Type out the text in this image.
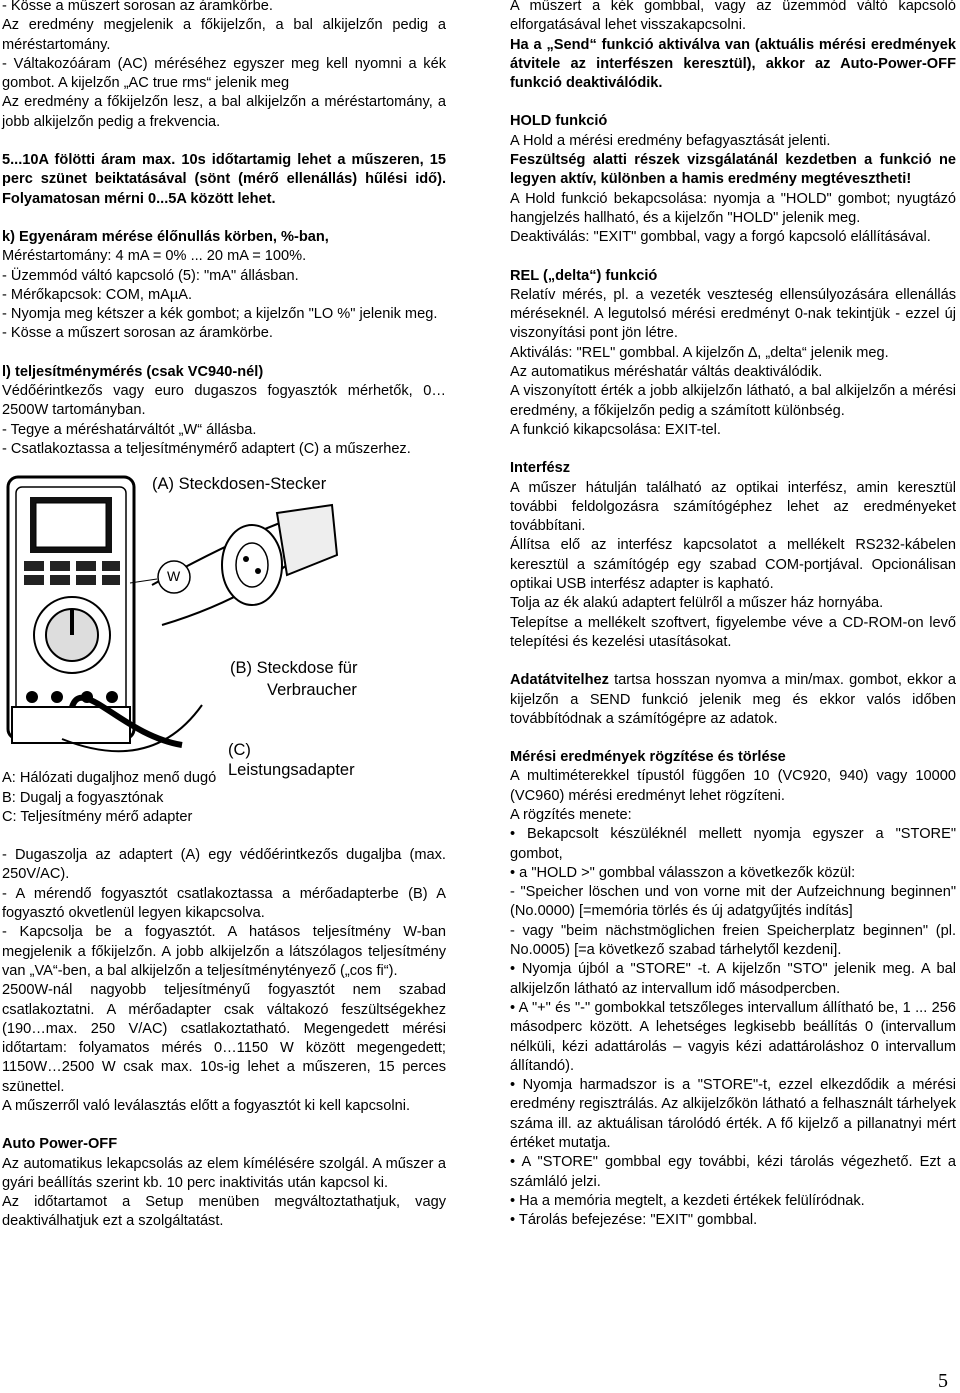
- Kösse a műszert sorosan az áramkörbe.

Az eredmény megjelenik a főkijelzőn, a bal alkijelzőn pedig a méréstartomány.

- Váltakozóáram (AC) méréséhez egyszer meg kell nyomni a kék gombot. A kijelzőn „AC true rms“ jelenik meg

Az eredmény a főkijelzőn lesz, a bal alkijelzőn a méréstartomány, a jobb alkijelzőn pedig a frekvencia.

5...10A fölötti áram max. 10s időtartamig lehet a műszeren, 15 perc szünet beiktatásával (sönt (mérő ellenállás) hűlési idő). Folyamatosan mérni 0...5A között lehet.

k) Egyenáram mérése élőnullás körben, %-ban,

Méréstartomány: 4 mA = 0% ... 20 mA = 100%.

- Üzemmód váltó kapcsoló (5): "mA" állásban.

- Mérőkapcsok: COM, mAµA.

- Nyomja meg kétszer a kék gombot; a kijelzőn "LO %" jelenik meg.

- Kösse a műszert sorosan az áramkörbe.

l) teljesítménymérés (csak VC940-nél)

Védőérintkezős vagy euro dugaszos fogyasztók mérhetők, 0…2500W tartományban.

- Tegye a méréshatárváltót „W“ állásba.

- Csatlakoztassa a teljesítménymérő adaptert (C) a műszerhez.

W
(A) Steckdosen-Stecker
(B) Steckdose für
Verbraucher
(C) Leistungsadapter

A: Hálózati dugaljhoz menő dugó

B: Dugalj a fogyasztónak

C: Teljesítmény mérő adapter

- Dugaszolja az adaptert (A) egy védőérintkezős dugaljba (max. 250V/AC).

- A mérendő fogyasztót csatlakoztassa a mérőadapterbe (B) A fogyasztó okvetlenül legyen kikapcsolva.

- Kapcsolja be a fogyasztót. A hatásos teljesítmény W-ban megjelenik a főkijelzőn. A jobb alkijelzőn a látszólagos teljesítmény van „VA“-ben, a bal alkijelzőn a teljesítménytényező („cos fi“).

2500W-nál nagyobb teljesítményű fogyasztót nem szabad csatlakoztatni. A mérőadapter csak váltakozó feszültségekhez (190…max. 250 V/AC) csatlakoztatható. Megengedett mérési időtartam: folyamatos mérés 0…1150 W között megengedett; 1150W…2500 W csak max. 10s-ig lehet a műszeren, 15 perces szünettel.

A műszerről való leválasztás előtt a fogyasztót ki kell kapcsolni.

Auto Power-OFF

Az automatikus lekapcsolás az elem kímélésére szolgál. A műszer a gyári beállítás szerint kb. 10 perc inaktivitás után kapcsol ki.

Az időtartamot a Setup menüben megváltoztathatjuk, vagy deaktiválhatjuk ezt a szolgáltatást.

A műszert a kék gombbal, vagy az üzemmód váltó kapcsoló elforgatásával lehet visszakapcsolni.

Ha a „Send“ funkció aktiválva van (aktuális mérési eredmények átvitele az interfészen keresztül), akkor az Auto-Power-OFF funkció deaktiválódik.

HOLD funkció

A Hold a mérési eredmény befagyasztását jelenti.

Feszültség alatti részek vizsgálatánál kezdetben a funkció ne legyen aktív, különben a hamis eredmény megtévesztheti!

A Hold funkció bekapcsolása: nyomja a "HOLD" gombot; nyugtázó hangjelzés hallható, és a kijelzőn "HOLD" jelenik meg.

Deaktiválás: "EXIT" gombbal, vagy a forgó kapcsoló elállításával.

REL („delta“) funkció

Relatív mérés, pl. a vezeték veszteség ellensúlyozására ellenállás méréseknél. A legutolsó mérési eredményt 0-nak tekintjük - ezzel új viszonyítási pont jön létre.

Aktiválás: "REL" gombbal. A kijelzőn ∆, „delta“ jelenik meg.

Az automatikus méréshatár váltás deaktiválódik.

A viszonyított érték a jobb alkijelzőn látható, a bal alkijelzőn a mérési eredmény, a főkijelzőn pedig a számított különbség.

A funkció kikapcsolása: EXIT-tel.

Interfész

A műszer hátulján található az optikai interfész, amin keresztül további feldolgozásra számítógéphez lehet az eredményeket továbbítani.

Állítsa elő az interfész kapcsolatot a mellékelt RS232-kábelen keresztül a számítógép egy szabad COM-portjával. Opcionálisan optikai USB interfész adapter is kapható.

Tolja az ék alakú adaptert felülről a műszer ház hornyába.

Telepítse a mellékelt szoftvert, figyelembe véve a CD-ROM-on levő telepítési és kezelési utasításokat.

Adatátvitelhez tartsa hosszan nyomva a min/max. gombot, ekkor a kijelzőn a SEND funkció jelenik meg és ekkor valós időben továbbítódnak a számítógépre az adatok.

Mérési eredmények rögzítése és törlése

A multiméterekkel típustól függően 10 (VC920, 940) vagy 10000 (VC960) mérési eredményt lehet rögzíteni.

A rögzítés menete:

• Bekapcsolt készüléknél mellett nyomja egyszer a "STORE" gombot,

• a "HOLD >" gombbal válasszon a következők közül:

- "Speicher löschen und von vorne mit der Aufzeichnung beginnen" (No.0000) [=memória törlés és új adatgyűjtés indítás]

- vagy "beim nächstmöglichen freien Speicherplatz beginnen" (pl. No.0005) [=a következő szabad tárhelytől kezdeni].

• Nyomja újból a "STORE" -t. A kijelzőn "STO" jelenik meg. A bal alkijelzőn látható az intervallum idő másodpercben.

• A "+" és "-" gombokkal tetszőleges intervallum állítható be, 1 ... 256 másodperc között. A lehetséges legkisebb beállítás 0 (intervallum nélküli, kézi adattárolás – vagyis kézi adattároláshoz 0 intervallum állítandó).

• Nyomja harmadszor is a "STORE"-t, ezzel elkezdődik a mérési eredmény regisztrálás. Az alkijelzőkön látható a felhasznált tárhelyek száma ill. az aktuálisan tárolódó érték. A fő kijelző a pillanatnyi mért értéket mutatja.

• A "STORE" gombbal egy további, kézi tárolás végezhető. Ezt a számláló jelzi.

• Ha a memória megtelt, a kezdeti értékek felülíródnak.

• Tárolás befejezése: "EXIT" gombbal.

5
